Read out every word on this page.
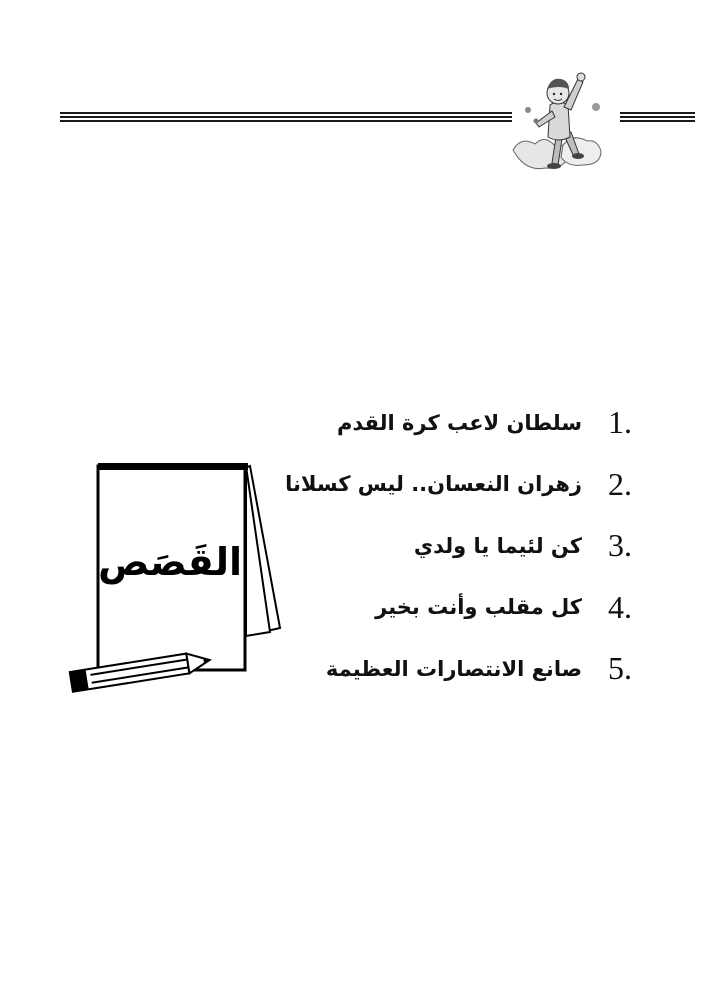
القَصَص
سلطان لاعب كرة القدم 1.
زهران النعسان.. ليس كسلانا 2.
كن لئيما يا ولدي 3.
كل مقلب وأنت بخير 4.
صانع الانتصارات العظيمة 5.
